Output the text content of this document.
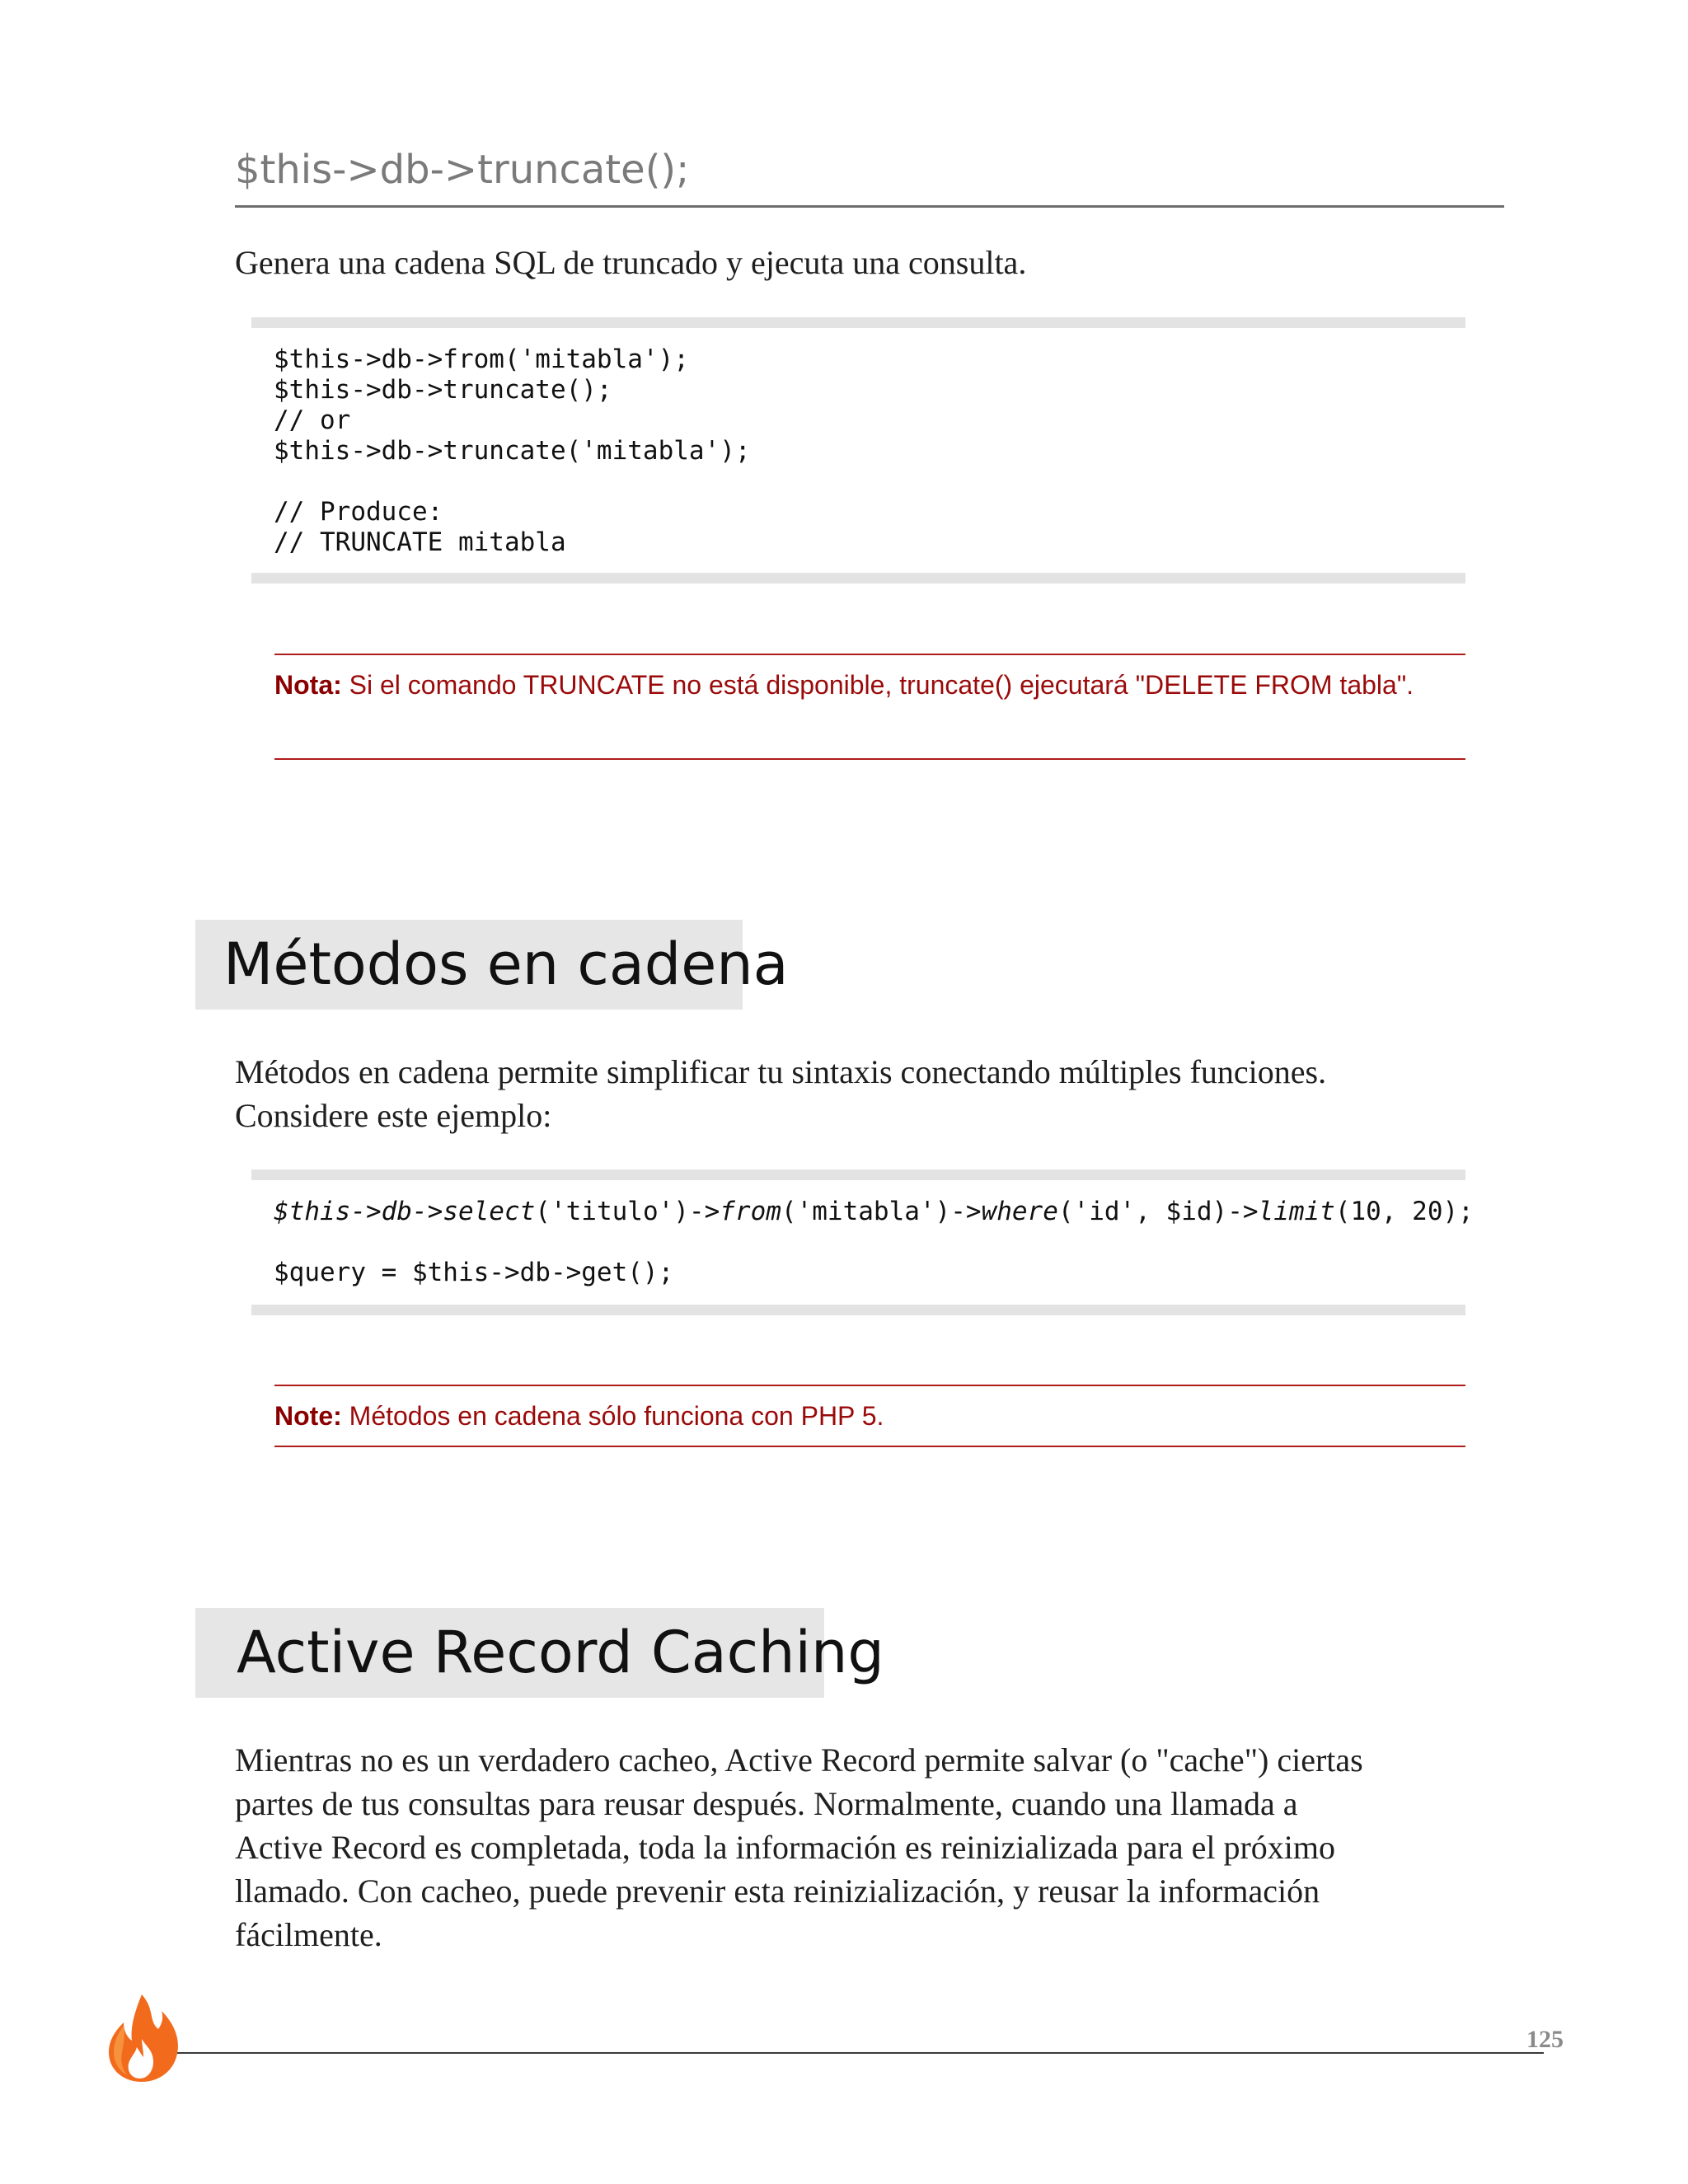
$this->db->truncate();

Genera una cadena SQL de truncado y ejecuta una consulta.

$this->db->from('mitabla');
$this->db->truncate();
// or
$this->db->truncate('mitabla');
// Produce:
// TRUNCATE mitabla
Nota: Si el comando TRUNCATE no está disponible, truncate() ejecutará "DELETE FROM tabla".
Métodos en cadena

Métodos en cadena permite simplificar tu sintaxis conectando múltiples funciones.

Considere este ejemplo:

$this->db->select('titulo')->from('mitabla')->where('id', $id)->limit(10, 20);
$query = $this->db->get();
Note: Métodos en cadena sólo funciona con PHP 5.
Active Record Caching

Mientras no es un verdadero cacheo, Active Record permite salvar (o "cache") ciertas

partes de tus consultas para reusar después. Normalmente, cuando una llamada a

Active Record es completada, toda la información es reinizializada para el próximo

llamado. Con cacheo, puede prevenir esta reinizialización, y reusar la información

fácilmente.

125
